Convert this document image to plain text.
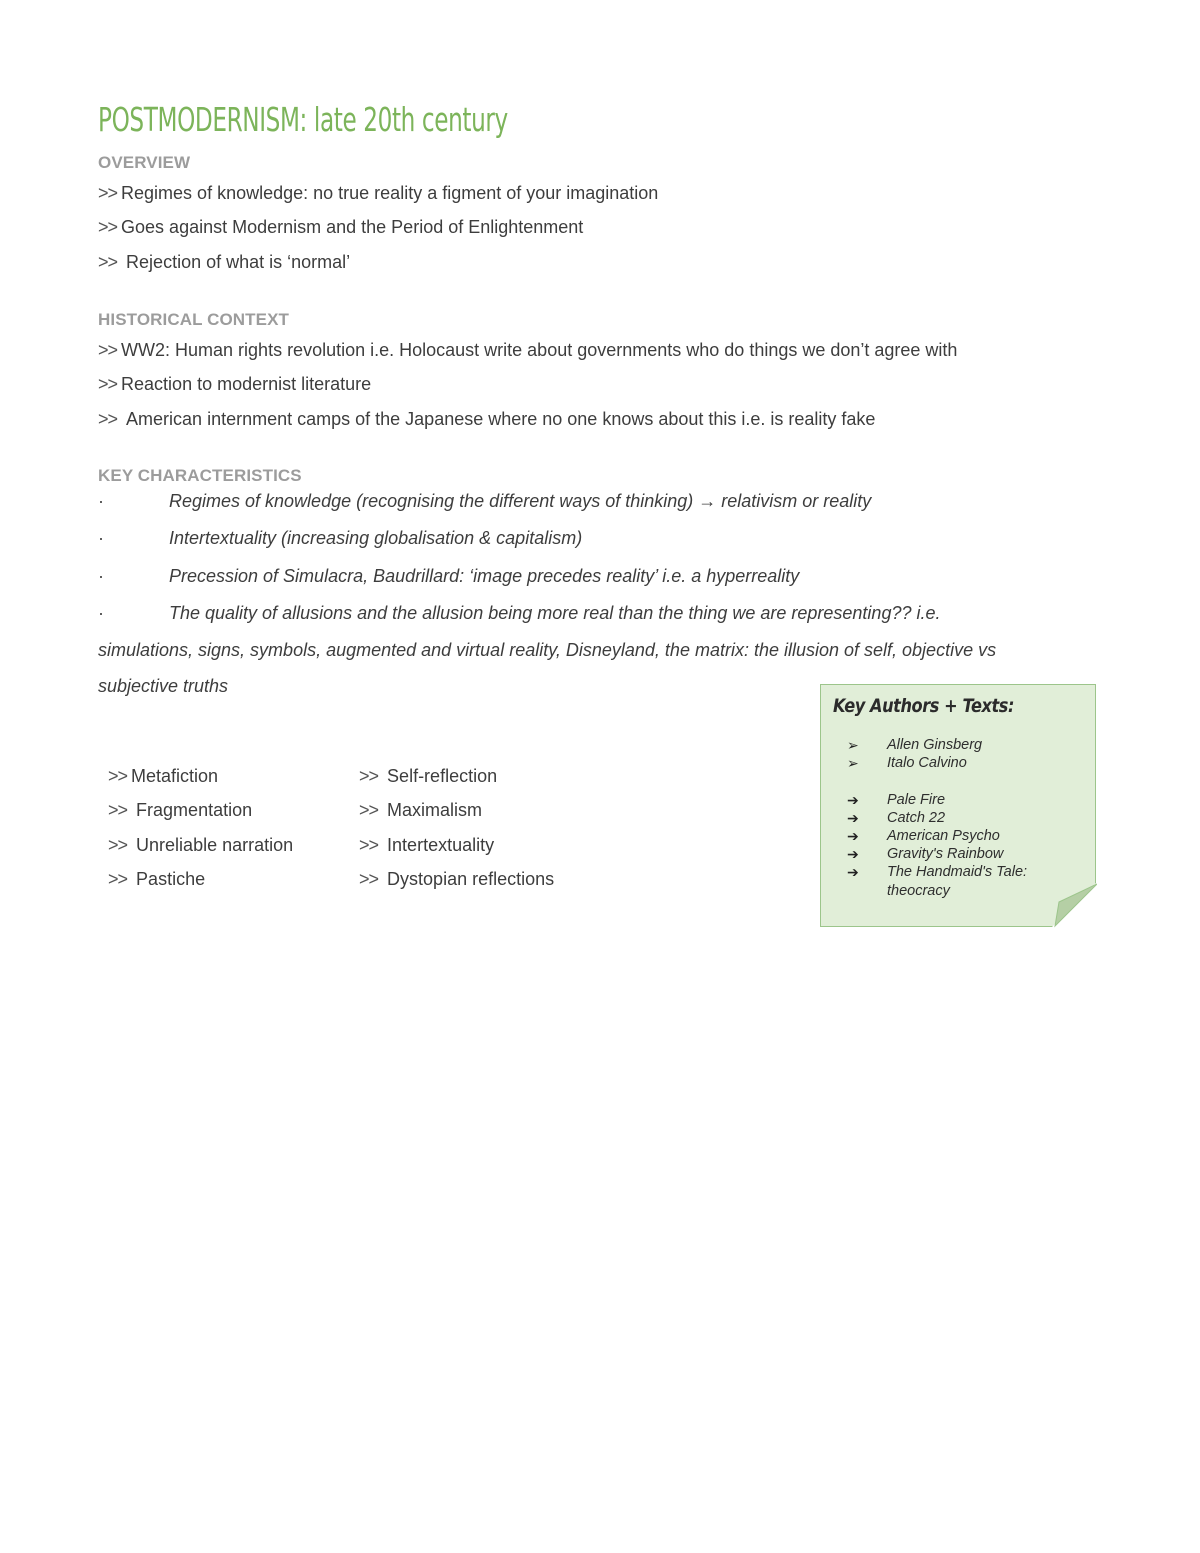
POSTMODERNISM: late 20th century
OVERVIEW
>> Regimes of knowledge: no true reality a figment of your imagination
>> Goes against Modernism and the Period of Enlightenment
>> Rejection of what is ‘normal’
HISTORICAL CONTEXT
>> WW2: Human rights revolution i.e. Holocaust write about governments who do things we don’t agree with
>> Reaction to modernist literature
>> American internment camps of the Japanese where no one knows about this i.e. is reality fake
KEY CHARACTERISTICS
·	Regimes of knowledge (recognising the different ways of thinking) → relativism or reality
·	Intertextuality (increasing globalisation & capitalism)
·	Precession of Simulacra, Baudrillard: ‘image precedes reality’ i.e. a hyperreality
·	The quality of allusions and the allusion being more real than the thing we are representing?? i.e.
simulations, signs, symbols, augmented and virtual reality, Disneyland, the matrix: the illusion of self, objective vs
subjective truths
>> Metafiction
>> Fragmentation
>> Unreliable narration
>> Pastiche
>> Self-reflection
>> Maximalism
>> Intertextuality
>> Dystopian reflections
Key Authors + Texts:
➢ Allen Ginsberg
➢ Italo Calvino
➔ Pale Fire
➔ Catch 22
➔ American Psycho
➔ Gravity's Rainbow
➔ The Handmaid's Tale:
theocracy
